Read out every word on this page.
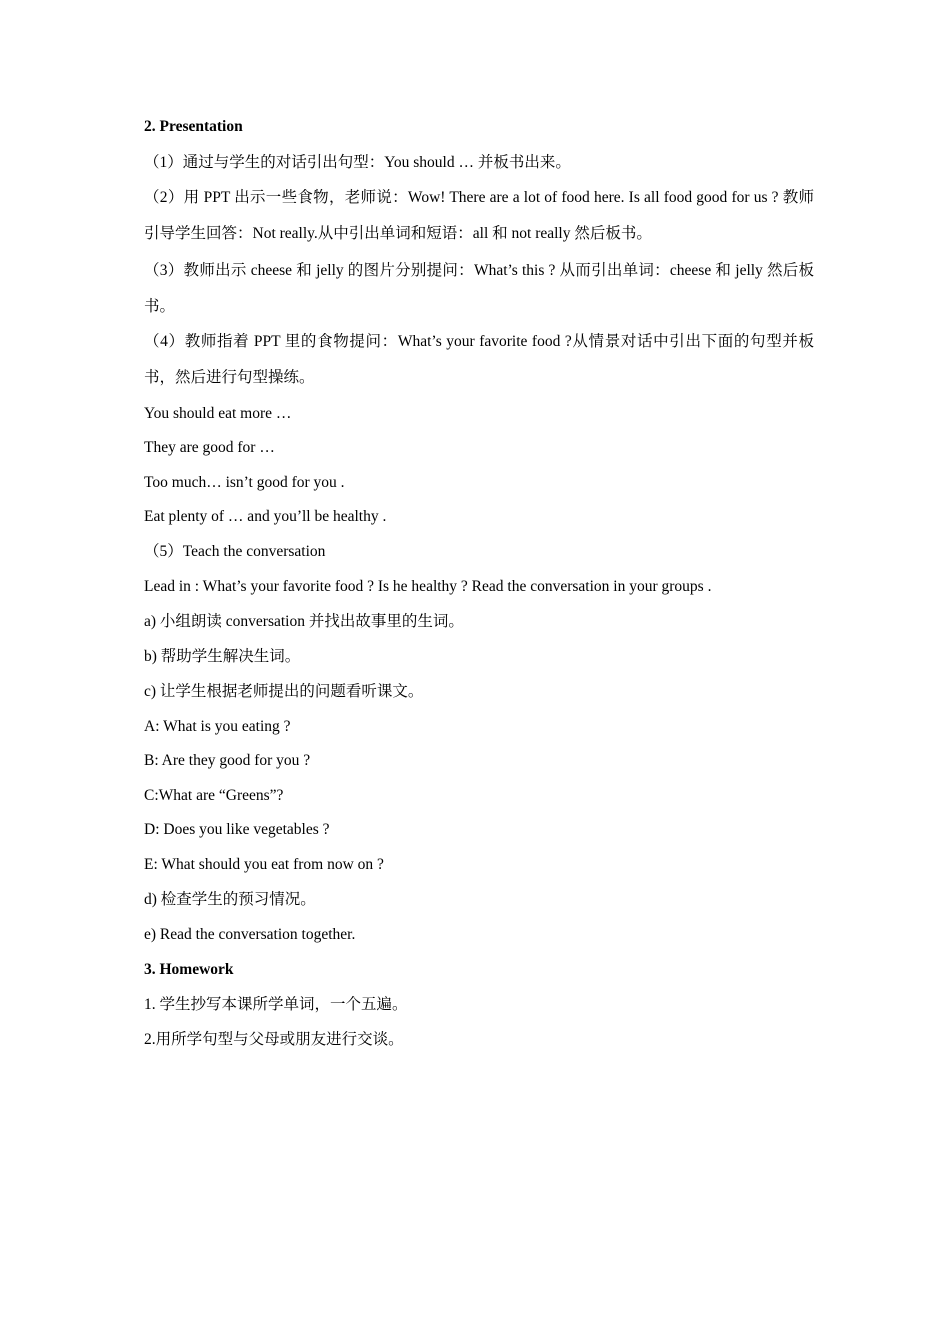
2. Presentation
（1）通过与学生的对话引出句型：You should … 并板书出来。
（2）用 PPT 出示一些食物，老师说：Wow! There are a lot of food here. Is all food good for us ? 教师引导学生回答：Not really.从中引出单词和短语：all 和 not really 然后板书。
（3）教师出示 cheese 和 jelly 的图片分别提问：What’s this ? 从而引出单词：cheese 和 jelly 然后板书。
（4）教师指着 PPT 里的食物提问：What’s your favorite food ?从情景对话中引出下面的句型并板书，然后进行句型操练。
You should eat more …
They are good for …
Too much… isn’t good for you .
Eat plenty of … and you’ll be healthy .
（5）Teach the conversation
Lead in : What’s your favorite food ? Is he healthy ? Read the conversation in your groups .
a) 小组朗读 conversation 并找出故事里的生词。
b) 帮助学生解决生词。
c) 让学生根据老师提出的问题看听课文。
A: What is you eating ?
B: Are they good for you ?
C:What are “Greens”?
D: Does you like vegetables ?
E: What should you eat from now on ?
d) 检查学生的预习情况。
e) Read the conversation together.
3. Homework
1. 学生抄写本课所学单词，一个五遍。
2.用所学句型与父母或朋友进行交谈。
